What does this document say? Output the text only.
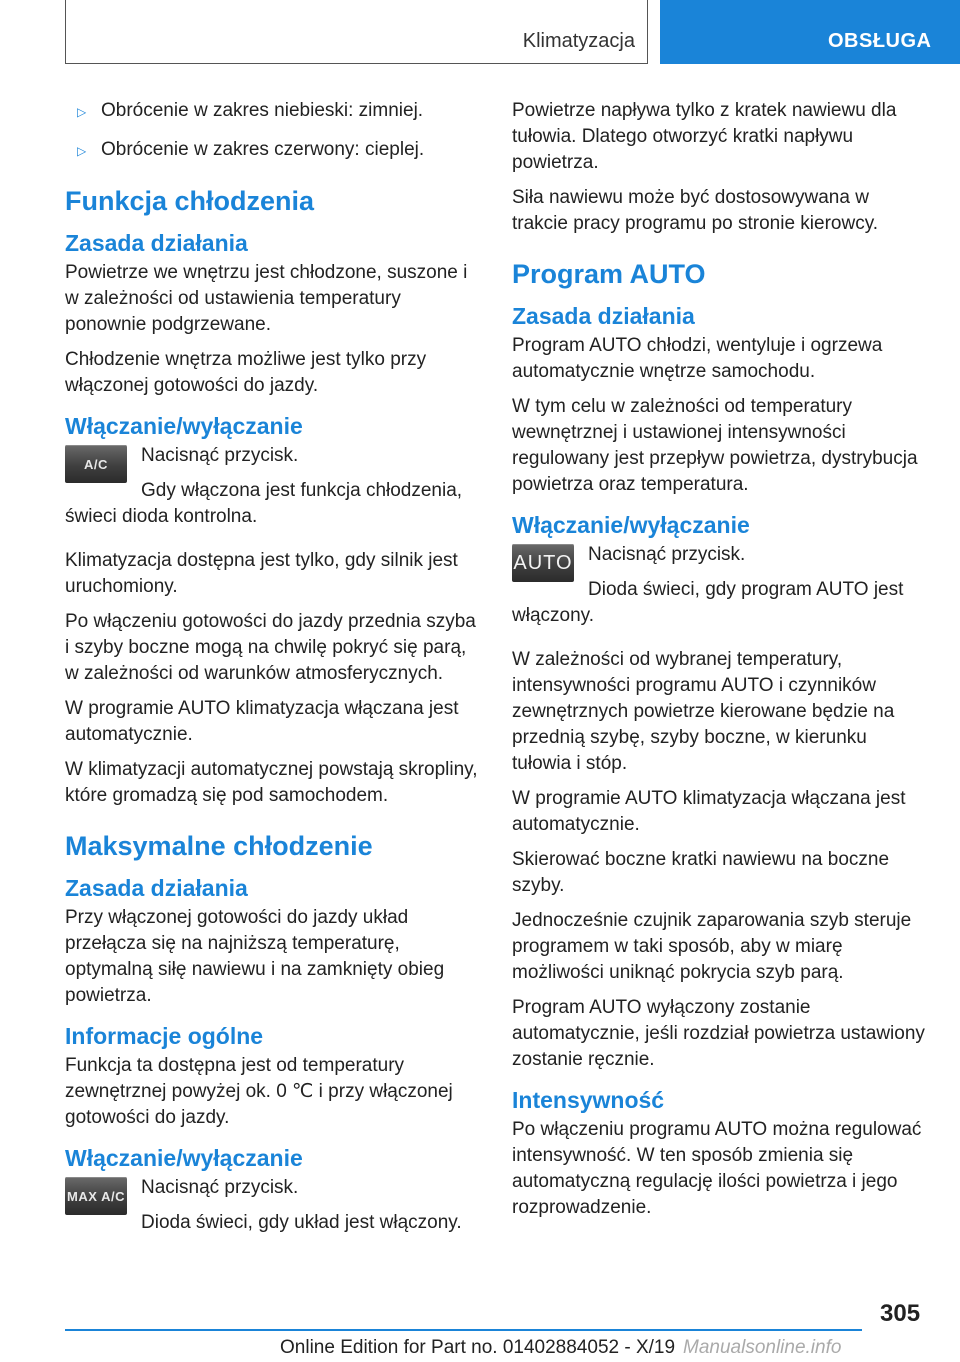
Klimatyzacja	OBSŁUGA
▷ Obrócenie w zakres niebieski: zimniej.
▷ Obrócenie w zakres czerwony: cieplej.
Funkcja chłodzenia
Zasada działania

Powietrze we wnętrzu jest chłodzone, suszone i w zależności od ustawienia temperatury ponownie podgrzewane.

Chłodzenie wnętrza możliwe jest tylko przy włączonej gotowości do jazdy.

Włączanie/wyłączanie
A/C	Nacisnąć przycisk.

Gdy włączona jest funkcja chłodzenia, świeci dioda kontrolna.

Klimatyzacja dostępna jest tylko, gdy silnik jest uruchomiony.

Po włączeniu gotowości do jazdy przednia szyba i szyby boczne mogą na chwilę pokryć się parą, w zależności od warunków atmosferycznych.

W programie AUTO klimatyzacja włączana jest automatycznie.

W klimatyzacji automatycznej powstają skropliny, które gromadzą się pod samochodem.

Maksymalne chłodzenie
Zasada działania

Przy włączonej gotowości do jazdy układ przełącza się na najniższą temperaturę, optymalną siłę nawiewu i na zamknięty obieg powietrza.

Informacje ogólne

Funkcja ta dostępna jest od temperatury zewnętrznej powyżej ok. 0 ℃ i przy włączonej gotowości do jazdy.

Włączanie/wyłączanie
MAX A/C Nacisnąć przycisk.

Dioda świeci, gdy układ jest włączony.

Powietrze napływa tylko z kratek nawiewu dla tułowia. Dlatego otworzyć kratki napływu powietrza.

Siła nawiewu może być dostosowywana w trakcie pracy programu po stronie kierowcy.

Program AUTO
Zasada działania

Program AUTO chłodzi, wentyluje i ogrzewa automatycznie wnętrze samochodu.

W tym celu w zależności od temperatury wewnętrznej i ustawionej intensywności regulowany jest przepływ powietrza, dystrybucja powietrza oraz temperatura.

Włączanie/wyłączanie
AUTO Nacisnąć przycisk.

Dioda świeci, gdy program AUTO jest włączony.

W zależności od wybranej temperatury, intensywności programu AUTO i czynników zewnętrznych powietrze kierowane będzie na przednią szybę, szyby boczne, w kierunku tułowia i stóp.

W programie AUTO klimatyzacja włączana jest automatycznie.

Skierować boczne kratki nawiewu na boczne szyby.

Jednocześnie czujnik zaparowania szyb steruje programem w taki sposób, aby w miarę możliwości uniknąć pokrycia szyb parą.

Program AUTO wyłączony zostanie automatycznie, jeśli rozdział powietrza ustawiony zostanie ręcznie.

Intensywność

Po włączeniu programu AUTO można regulować intensywność. W ten sposób zmienia się automatyczną regulację ilości powietrza i jego rozprowadzenie.

305
Online Edition for Part no. 01402884052 - X/19 Manualsonline.info
